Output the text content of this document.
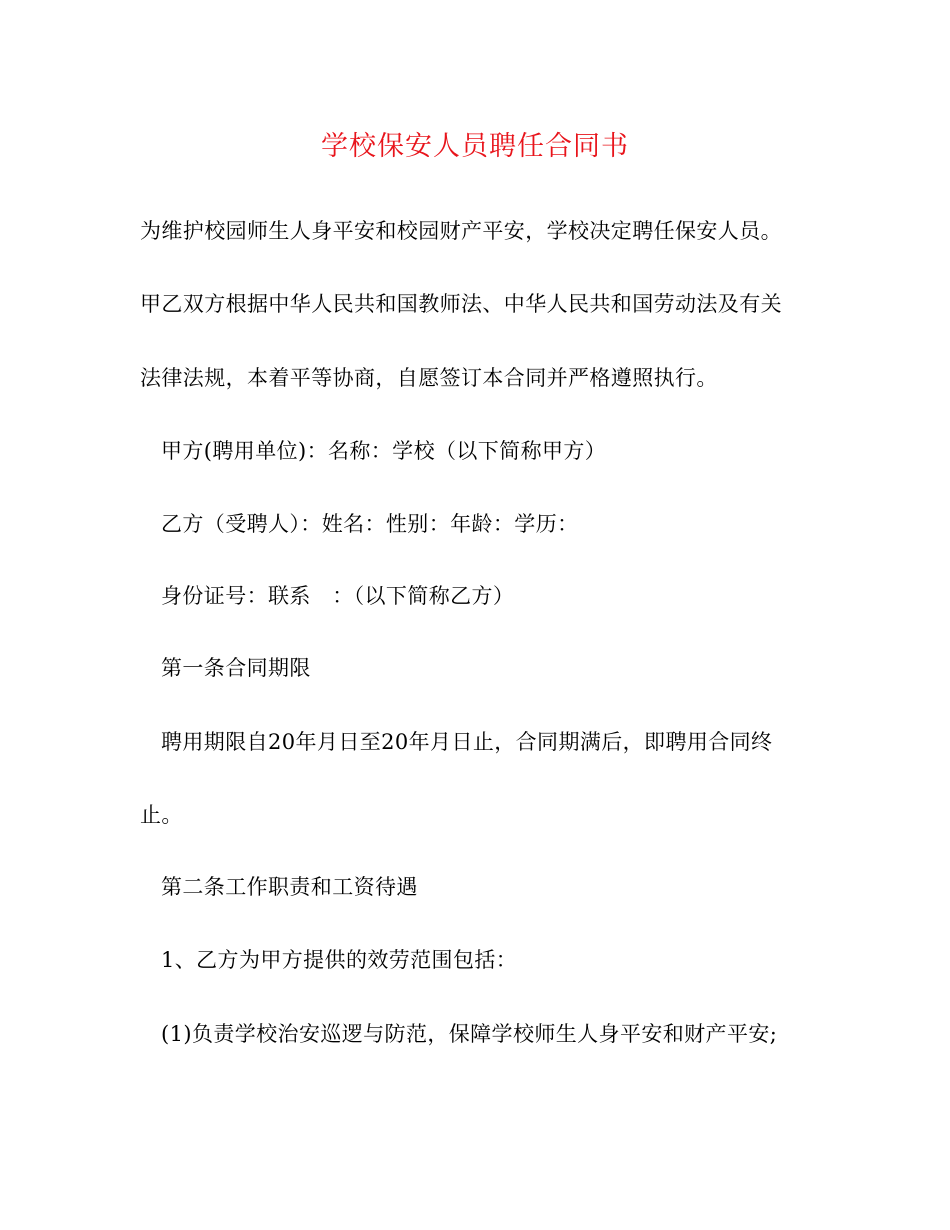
学校保安人员聘任合同书
为维护校园师生人身平安和校园财产平安，学校决定聘任保安人员。
甲乙双方根据中华人民共和国教师法、中华人民共和国劳动法及有关
法律法规，本着平等协商，自愿签订本合同并严格遵照执行。
甲方(聘用单位)：名称：学校（以下简称甲方）
乙方（受聘人）：姓名：性别：年龄：学历：
身份证号：联系　：（以下简称乙方）
第一条合同期限
聘用期限自20年月日至20年月日止，合同期满后，即聘用合同终
止。
第二条工作职责和工资待遇
1、乙方为甲方提供的效劳范围包括：
(1)负责学校治安巡逻与防范，保障学校师生人身平安和财产平安;
